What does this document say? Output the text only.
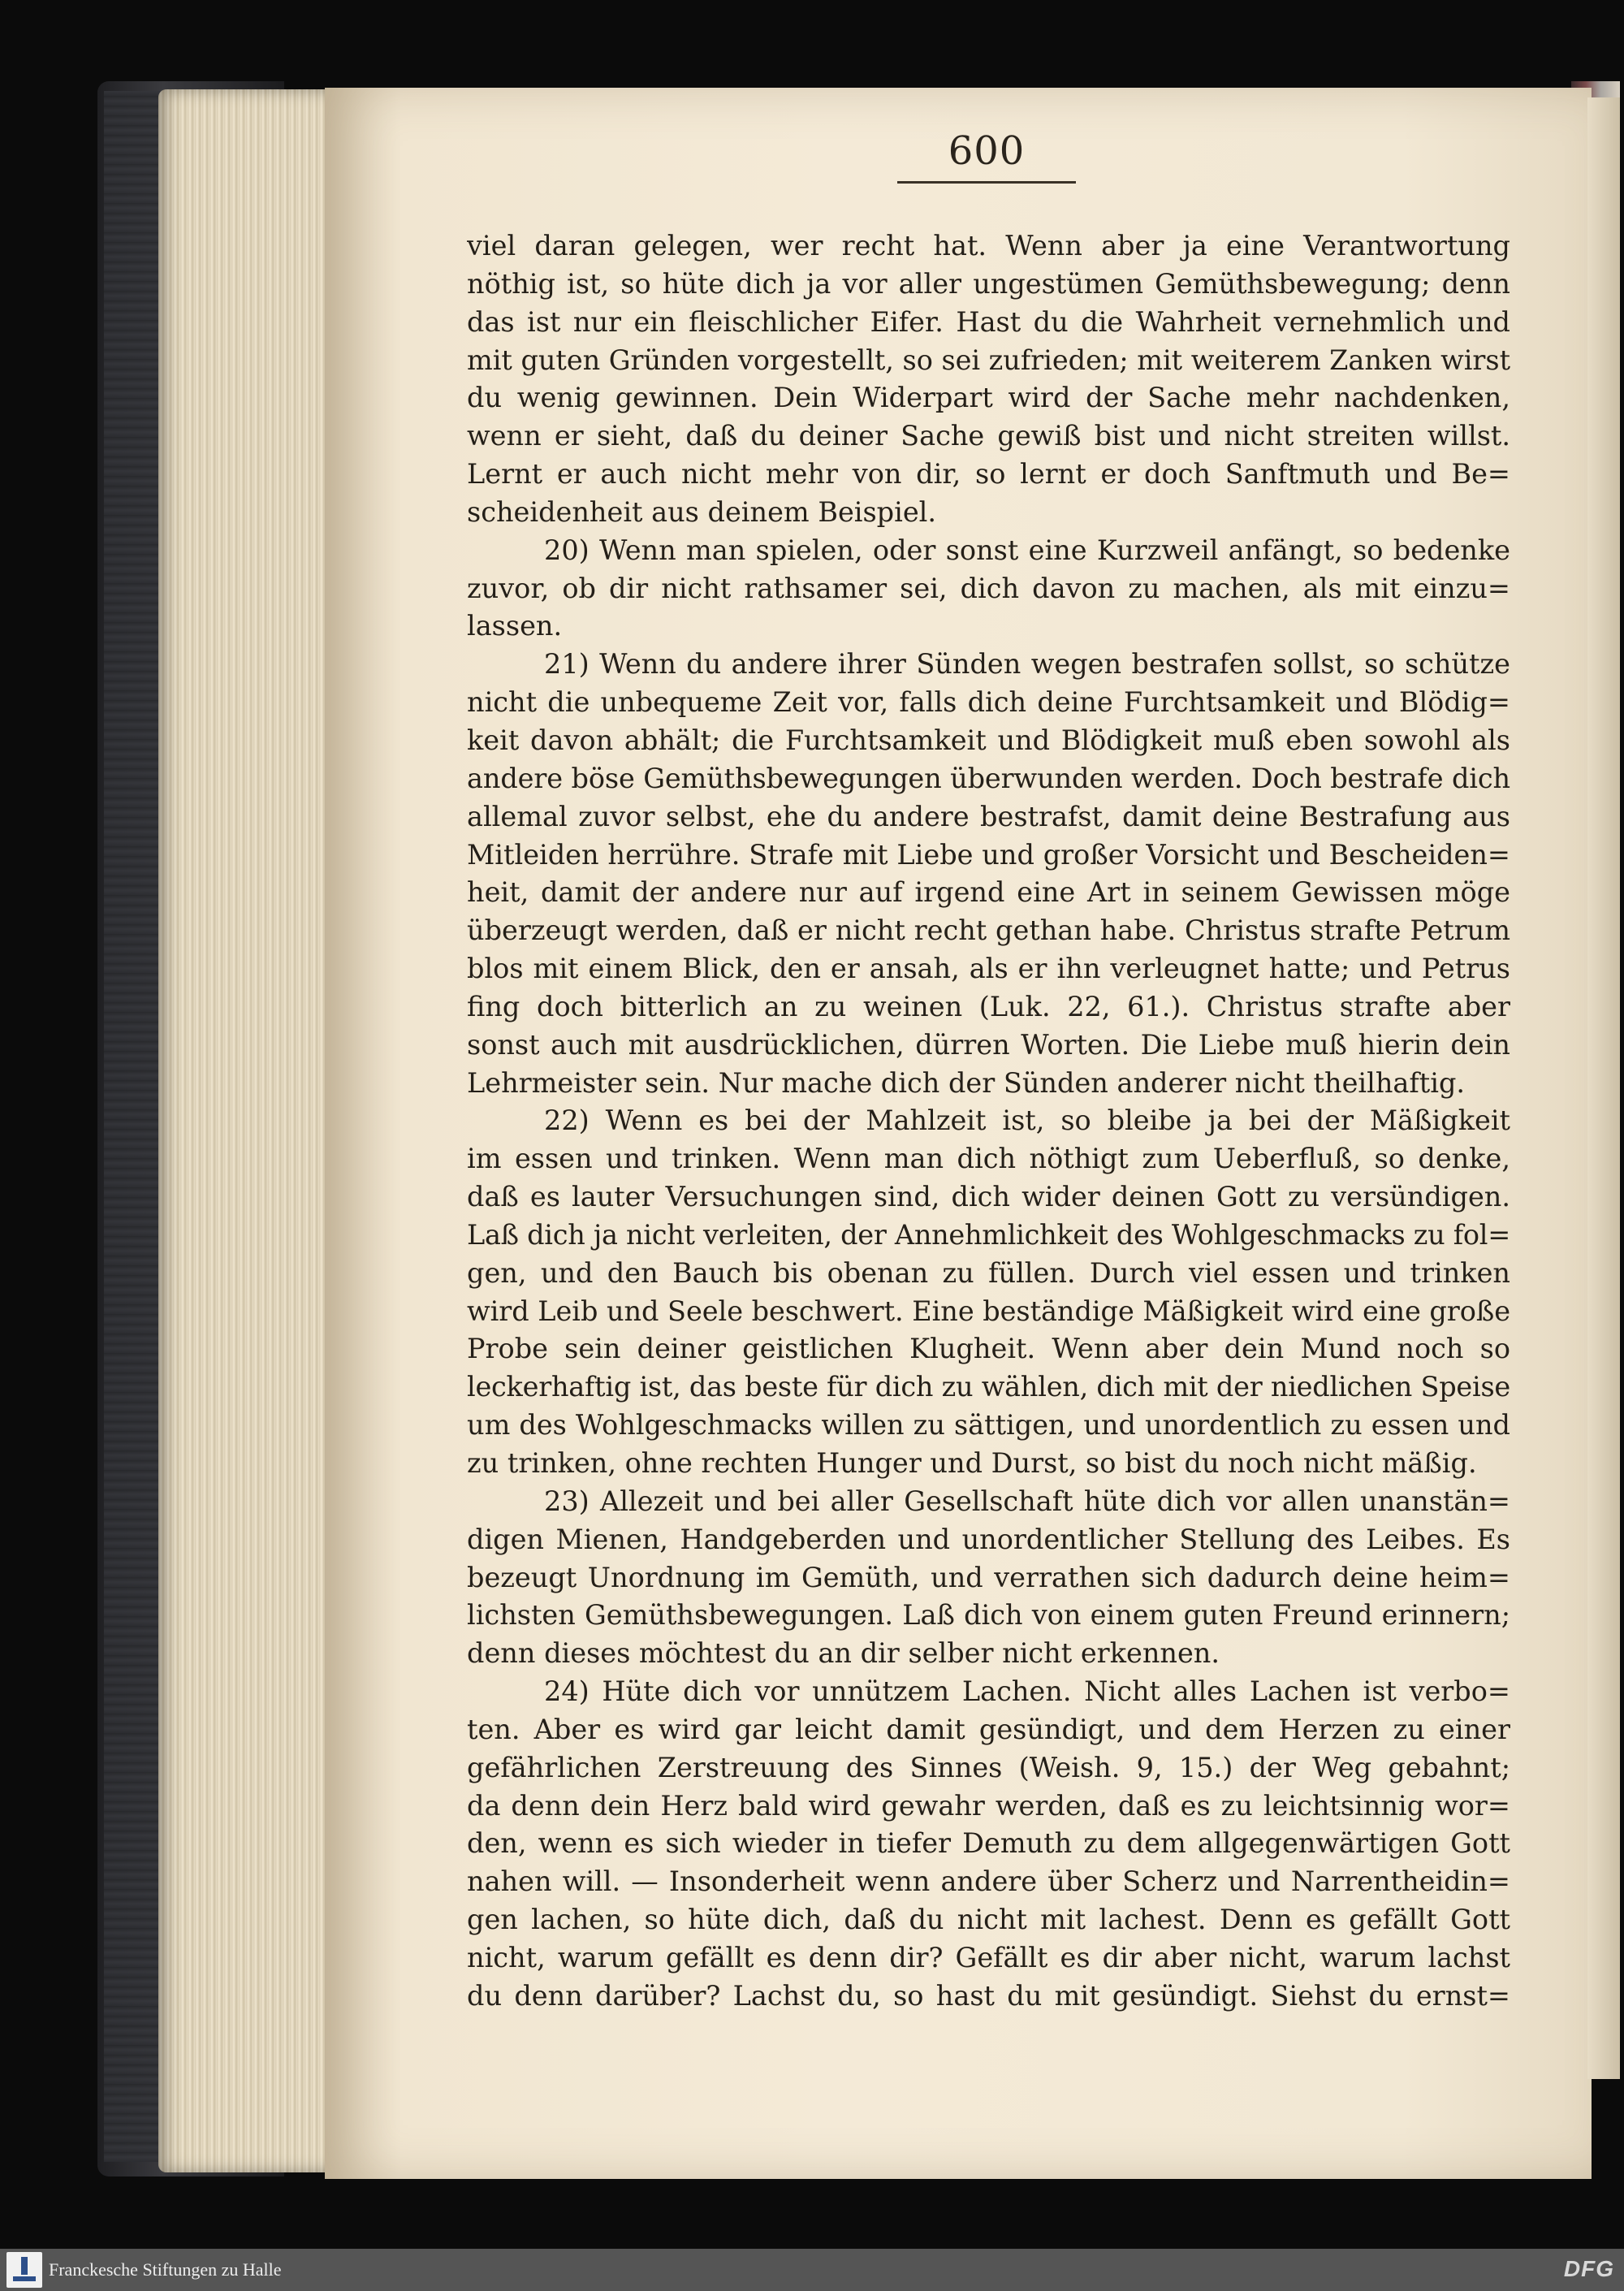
600
viel daran gelegen, wer recht hat. Wenn aber ja eine Verantwortung
nöthig ist, so hüte dich ja vor aller ungestümen Gemüthsbewegung; denn
das ist nur ein fleischlicher Eifer. Hast du die Wahrheit vernehmlich und
mit guten Gründen vorgestellt, so sei zufrieden; mit weiterem Zanken wirst
du wenig gewinnen. Dein Widerpart wird der Sache mehr nachdenken,
wenn er sieht, daß du deiner Sache gewiß bist und nicht streiten willst.
Lernt er auch nicht mehr von dir, so lernt er doch Sanftmuth und Be=
scheidenheit aus deinem Beispiel.
20) Wenn man spielen, oder sonst eine Kurzweil anfängt, so bedenke
zuvor, ob dir nicht rathsamer sei, dich davon zu machen, als mit einzu=
lassen.
21) Wenn du andere ihrer Sünden wegen bestrafen sollst, so schütze
nicht die unbequeme Zeit vor, falls dich deine Furchtsamkeit und Blödig=
keit davon abhält; die Furchtsamkeit und Blödigkeit muß eben sowohl als
andere böse Gemüthsbewegungen überwunden werden. Doch bestrafe dich
allemal zuvor selbst, ehe du andere bestrafst, damit deine Bestrafung aus
Mitleiden herrühre. Strafe mit Liebe und großer Vorsicht und Bescheiden=
heit, damit der andere nur auf irgend eine Art in seinem Gewissen möge
überzeugt werden, daß er nicht recht gethan habe. Christus strafte Petrum
blos mit einem Blick, den er ansah, als er ihn verleugnet hatte; und Petrus
fing doch bitterlich an zu weinen (Luk. 22, 61.). Christus strafte aber
sonst auch mit ausdrücklichen, dürren Worten. Die Liebe muß hierin dein
Lehrmeister sein. Nur mache dich der Sünden anderer nicht theilhaftig.
22) Wenn es bei der Mahlzeit ist, so bleibe ja bei der Mäßigkeit
im essen und trinken. Wenn man dich nöthigt zum Ueberfluß, so denke,
daß es lauter Versuchungen sind, dich wider deinen Gott zu versündigen.
Laß dich ja nicht verleiten, der Annehmlichkeit des Wohlgeschmacks zu fol=
gen, und den Bauch bis obenan zu füllen. Durch viel essen und trinken
wird Leib und Seele beschwert. Eine beständige Mäßigkeit wird eine große
Probe sein deiner geistlichen Klugheit. Wenn aber dein Mund noch so
leckerhaftig ist, das beste für dich zu wählen, dich mit der niedlichen Speise
um des Wohlgeschmacks willen zu sättigen, und unordentlich zu essen und
zu trinken, ohne rechten Hunger und Durst, so bist du noch nicht mäßig.
23) Allezeit und bei aller Gesellschaft hüte dich vor allen unanstän=
digen Mienen, Handgeberden und unordentlicher Stellung des Leibes. Es
bezeugt Unordnung im Gemüth, und verrathen sich dadurch deine heim=
lichsten Gemüthsbewegungen. Laß dich von einem guten Freund erinnern;
denn dieses möchtest du an dir selber nicht erkennen.
24) Hüte dich vor unnützem Lachen. Nicht alles Lachen ist verbo=
ten. Aber es wird gar leicht damit gesündigt, und dem Herzen zu einer
gefährlichen Zerstreuung des Sinnes (Weish. 9, 15.) der Weg gebahnt;
da denn dein Herz bald wird gewahr werden, daß es zu leichtsinnig wor=
den, wenn es sich wieder in tiefer Demuth zu dem allgegenwärtigen Gott
nahen will. — Insonderheit wenn andere über Scherz und Narrentheidin=
gen lachen, so hüte dich, daß du nicht mit lachest. Denn es gefällt Gott
nicht, warum gefällt es denn dir? Gefällt es dir aber nicht, warum lachst
du denn darüber? Lachst du, so hast du mit gesündigt. Siehst du ernst=
Franckesche Stiftungen zu Halle	DFG
